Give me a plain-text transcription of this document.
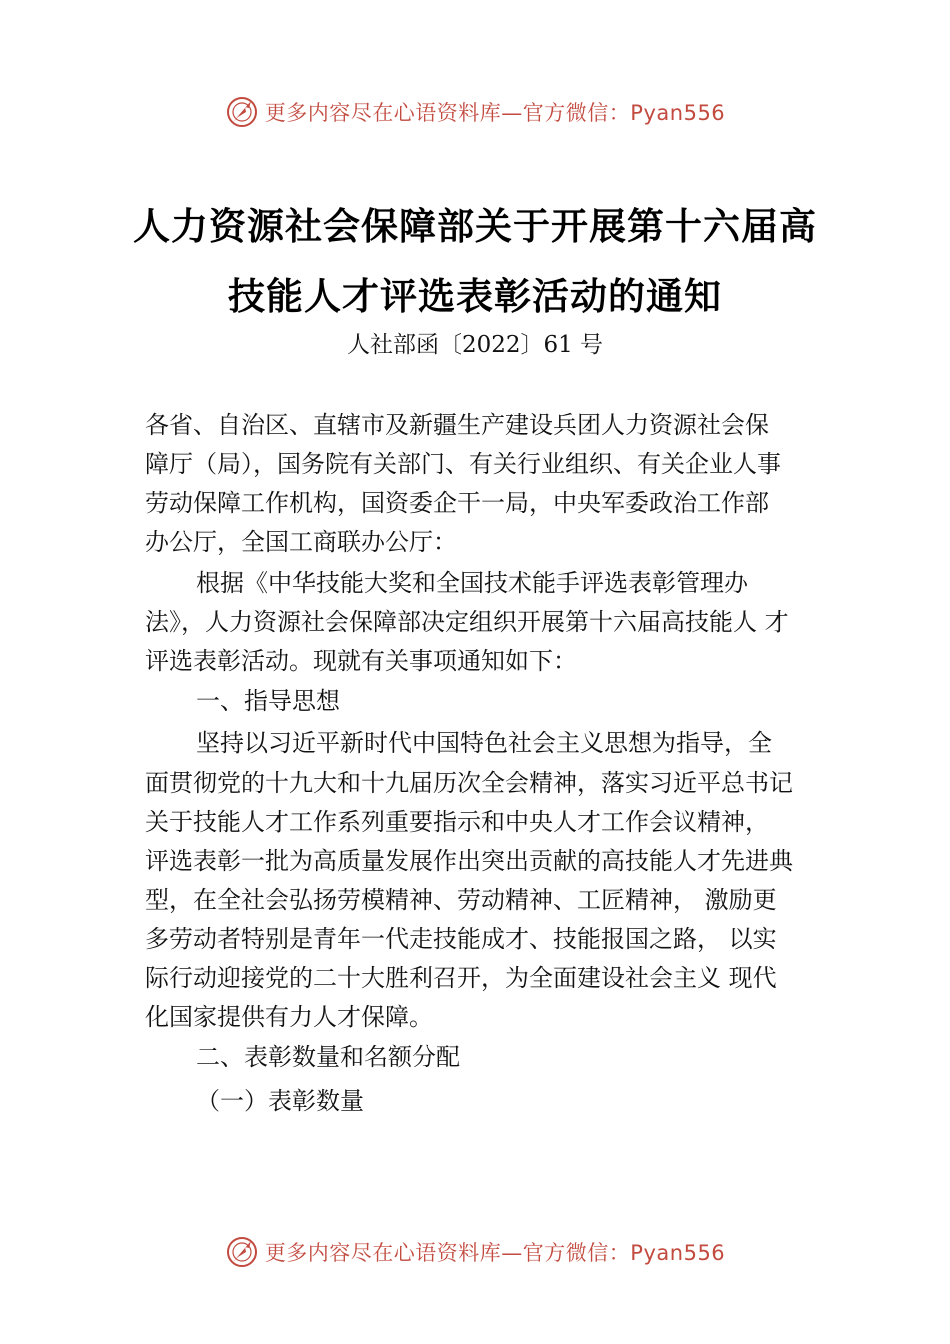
更多内容尽在心语资料库—官方微信：Pyan556
人力资源社会保障部关于开展第十六届高
技能人才评选表彰活动的通知
人社部函〔2022〕61 号
各省、自治区、直辖市及新疆生产建设兵团人力资源社会保
障厅（局），国务院有关部门、有关行业组织、有关企业人事
劳动保障工作机构，国资委企干一局，中央军委政治工作部
办公厅，全国工商联办公厅：
根据《中华技能大奖和全国技术能手评选表彰管理办
法》，人力资源社会保障部决定组织开展第十六届高技能人 才
评选表彰活动。现就有关事项通知如下：
一、指导思想
坚持以习近平新时代中国特色社会主义思想为指导，全
面贯彻党的十九大和十九届历次全会精神，落实习近平总书记
关于技能人才工作系列重要指示和中央人才工作会议精神，
评选表彰一批为高质量发展作出突出贡献的高技能人才先进典
型，在全社会弘扬劳模精神、劳动精神、工匠精神， 激励更
多劳动者特别是青年一代走技能成才、技能报国之路， 以实
际行动迎接党的二十大胜利召开，为全面建设社会主义 现代
化国家提供有力人才保障。
二、表彰数量和名额分配
（一）表彰数量
更多内容尽在心语资料库—官方微信：Pyan556
